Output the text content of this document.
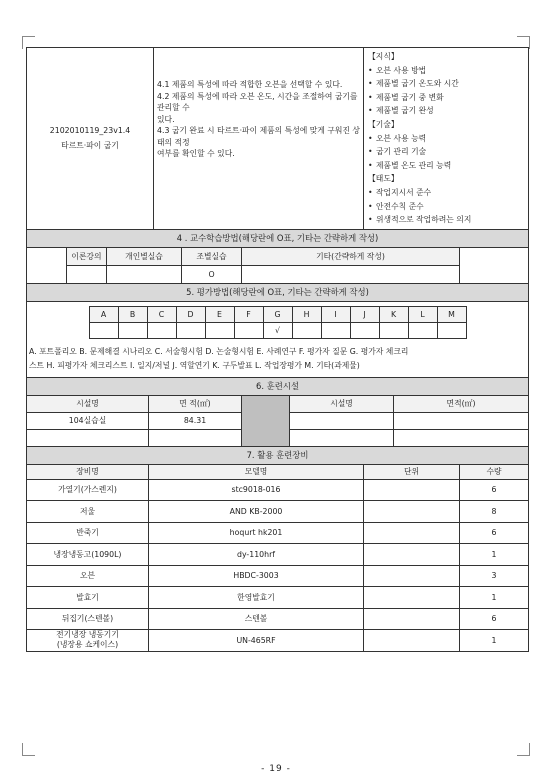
2102010119_23v1.4
타르트·파이 굽기

4.1 제품의 특성에 따라 적합한 오븐을 선택할 수 있다.
4.2 제품의 특성에 따라 오븐 온도, 시간을 조절하여 굽기를 관리할 수
있다.
4.3 굽기 완료 시 타르트·파이 제품의 특성에 맞게 구워진 상태의 적정
여부를 확인할 수 있다.

【지식】
• 오븐 사용 방법
• 제품별 굽기 온도와 시간
• 제품별 굽기 중 변화
• 제품별 굽기 완성
【기술】
• 오븐 사용 능력
• 굽기 관리 기술
• 제품별 온도 관리 능력
【태도】
• 작업지시서 준수
• 안전수칙 준수
• 위생적으로 작업하려는 의지

4 . 교수학습방법(해당란에 O표, 기타는 간략하게 작성)
	이론강의	개인별실습	조별실습	기타(간략하게 작성)	
			O		
5. 평가방법(해당란에 O표, 기타는 간략하게 작성)

A	B	C	D	E	F	G	H	I	J	K	L	M
						√						

A. 포트폴리오 B. 문제해결 시나리오 C. 서술형시험 D. 논술형시험 E. 사례연구 F. 평가자 질문 G. 평가자 체크리
스트 H. 피평가자 체크리스트 I. 일지/저널 J. 역할연기 K. 구두발표 L. 작업장평가 M. 기타(과제물)

6. 훈련시설
시설명	면 적(㎡)		시설명	면적(㎡)
104실습실	84.31		

7. 활용 훈련장비
장비명	모델명	단위	수량
가열기(가스렌지)	stc9018-016		6
저울	AND KB-2000		8
반죽기	hoqurt hk201		6
냉장냉동고(1090L)	dy-110hrf		1
오븐	HBDC-3003		3
발효기	한영발효기		1
뒤집기(스텐볼)	스텐볼		6
전기냉장 냉동기기
(냉장용 쇼케이스)	UN-465RF		1
- 19 -
